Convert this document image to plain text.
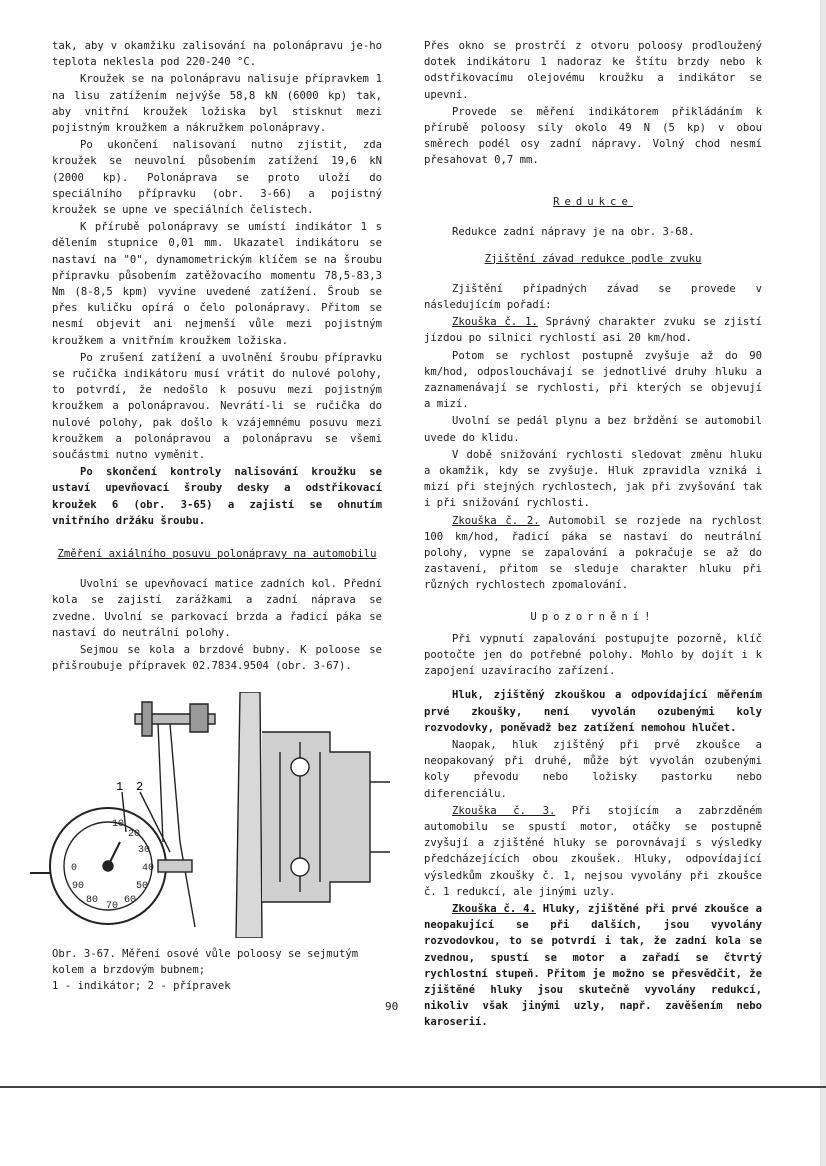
tak, aby v okamžiku zalisování na polonápravu je-ho teplota neklesla pod 220-240 °C.

Kroužek se na polonápravu nalisuje přípravkem 1 na lisu zatížením nejvýše 58,8 kN (6000 kp) tak, aby vnitřní kroužek ložiska byl stisknut mezi pojistným kroužkem a nákružkem polonápravy.

Po ukončení nalisovaní nutno zjistit, zda kroužek se neuvolní působením zatížení 19,6 kN (2000 kp). Polonáprava se proto uloží do speciálního přípravku (obr. 3-66) a pojistný kroužek se upne ve speciálních čelistech.

K přírubě polonápravy se umístí indikátor 1 s dělením stupnice 0,01 mm. Ukazatel indikátoru se nastaví na "0", dynamometrickým klíčem se na šroubu přípravku působením zatěžovacího momentu 78,5-83,3 Nm (8-8,5 kpm) vyvine uvedené zatížení. Šroub se přes kuličku opírá o čelo polonápravy. Přitom se nesmí objevit ani nejmenší vůle mezi pojistným kroužkem a vnitřním kroužkem ložiska.

Po zrušení zatížení a uvolnění šroubu přípravku se ručička indikátoru musí vrátit do nulové polohy, to potvrdí, že nedošlo k posuvu mezi pojistným kroužkem a polonápravou. Nevrátí-li se ručička do nulové polohy, pak došlo k vzájemnému posuvu mezi kroužkem a polonápravou a polonápravu se všemi součástmi nutno vyměnit.

Po skončení kontroly nalisování kroužku se ustaví upevňovací šrouby desky a odstřikovací kroužek 6 (obr. 3-65) a zajistí se ohnutím vnitřního držáku šroubu.

Změření axiálního posuvu polonápravy na automobilu

Uvolní se upevňovací matice zadních kol. Přední kola se zajistí zarážkami a zadní náprava se zvedne. Uvolní se parkovací brzda a řadicí páka se nastaví do neutrální polohy.

Sejmou se kola a brzdové bubny. K poloose se přišroubuje přípravek 02.7834.9504 (obr. 3-67).

1 2
10
20
30
40
50
60
70
80
90
0
Obr. 3-67. Měření osové vůle poloosy se sejmutým kolem a brzdovým bubnem;
1 - indikátor; 2 - přípravek

Přes okno se prostrčí z otvoru poloosy prodloužený dotek indikátoru 1 nadoraz ke štítu brzdy nebo k odstřikovacímu olejovému kroužku a indikátor se upevní.

Provede se měření indikátorem přikládáním k přírubě poloosy síly okolo 49 N (5 kp) v obou směrech podél osy zadní nápravy. Volný chod nesmí přesahovat 0,7 mm.

Redukce

Redukce zadní nápravy je na obr. 3-68.

Zjištění závad redukce podle zvuku

Zjištění případných závad se provede v následujícím pořadí:

Zkouška č. 1. Správný charakter zvuku se zjistí jízdou po silnici rychlostí asi 20 km/hod.

Potom se rychlost postupně zvyšuje až do 90 km/hod, odposlouchávají se jednotlivé druhy hluku a zaznamenávají se rychlosti, při kterých se objevují a mizí.

Uvolní se pedál plynu a bez brždění se automobil uvede do klidu.

V době snižování rychlosti sledovat změnu hluku a okamžik, kdy se zvyšuje. Hluk zpravidla vzniká i mizí při stejných rychlostech, jak při zvyšování tak i při snižování rychlosti.

Zkouška č. 2. Automobil se rozjede na rychlost 100 km/hod, řadicí páka se nastaví do neutrální polohy, vypne se zapalování a pokračuje se až do zastavení, přitom se sleduje charakter hluku při různých rychlostech zpomalování.

Upozornění!

Při vypnutí zapalování postupujte pozorně, klíč pootočte jen do potřebné polohy. Mohlo by dojít i k zapojení uzavíracího zařízení.

Hluk, zjištěný zkouškou a odpovídající měřením prvé zkoušky, není vyvolán ozubenými koly rozvodovky, poněvadž bez zatížení nemohou hlučet.

Naopak, hluk zjištěný při prvé zkoušce a neopakovaný při druhé, může být vyvolán ozubenými koly převodu nebo ložisky pastorku nebo diferenciálu.

Zkouška č. 3. Při stojícím a zabrzděném automobilu se spustí motor, otáčky se postupně zvyšují a zjištěné hluky se porovnávají s výsledky předcházejících obou zkoušek. Hluky, odpovídající výsledkům zkoušky č. 1, nejsou vyvolány při zkoušce č. 1 redukcí, ale jinými uzly.

Zkouška č. 4. Hluky, zjištěné při prvé zkoušce a neopakující se při dalších, jsou vyvolány rozvodovkou, to se potvrdí i tak, že zadní kola se zvednou, spustí se motor a zařadí se čtvrtý rychlostní stupeň. Přitom je možno se přesvědčit, že zjištěné hluky jsou skutečně vyvolány redukcí, nikoliv však jinými uzly, např. zavěšením nebo karoserií.

90
